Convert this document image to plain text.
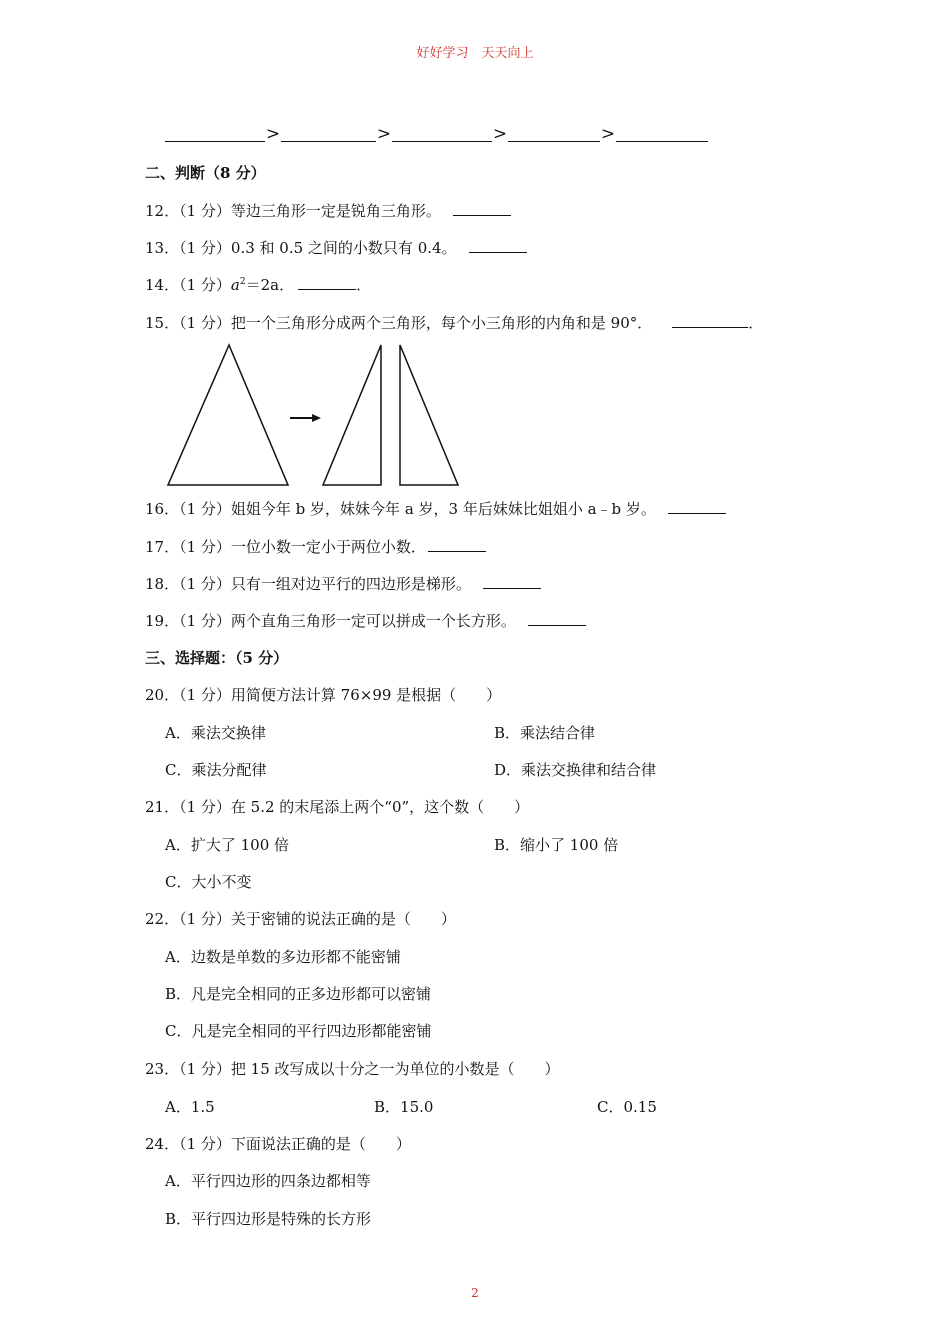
好好学习　天天向上
>	>	>	>
二、判断（8 分）
12．（1 分）等边三角形一定是锐角三角形。
13．（1 分）0.3 和 0.5 之间的小数只有 0.4。
14．（1 分）$a^2=2a$．	．
15．（1 分）把一个三角形分成两个三角形，每个小三角形的内角和是 90°．	．
16．（1 分）姐姐今年 b 岁，妹妹今年 a 岁，3 年后妹妹比姐姐小 a﹣b 岁。
17．（1 分）一位小数一定小于两位小数．
18．（1 分）只有一组对边平行的四边形是梯形。
19．（1 分）两个直角三角形一定可以拼成一个长方形。
三、选择题：（5 分）
20．（1 分）用简便方法计算 76×99 是根据（　　）
A．乘法交换律	B．乘法结合律
C．乘法分配律	D．乘法交换律和结合律
21．（1 分）在 5.2 的末尾添上两个“0”，这个数（　　）
A．扩大了 100 倍	B．缩小了 100 倍
C．大小不变
22．（1 分）关于密铺的说法正确的是（　　）
A．边数是单数的多边形都不能密铺
B．凡是完全相同的正多边形都可以密铺
C．凡是完全相同的平行四边形都能密铺
23．（1 分）把 15 改写成以十分之一为单位的小数是（　　）
A．1.5	B．15.0	C．0.15
24．（1 分）下面说法正确的是（　　）
A．平行四边形的四条边都相等
B．平行四边形是特殊的长方形
2
